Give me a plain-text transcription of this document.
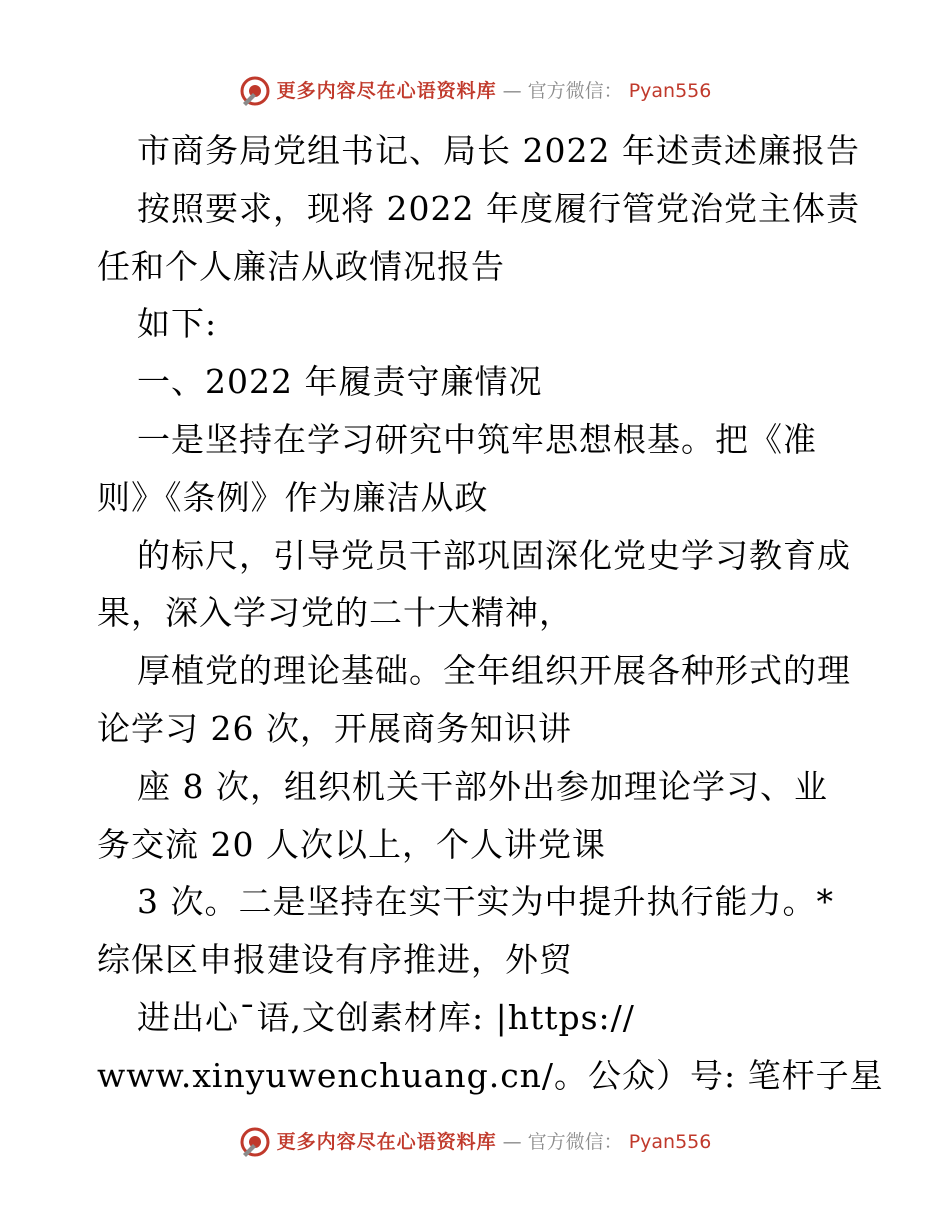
更多内容尽在心语资料库 — 官方微信： Pyan556
市商务局党组书记、局长 2022 年述责述廉报告
按照要求，现将 2022 年度履行管党治党主体责
任和个人廉洁从政情况报告
如下:
一、2022 年履责守廉情况
一是坚持在学习研究中筑牢思想根基。把《准
则》《条例》作为廉洁从政
的标尺，引导党员干部巩固深化党史学习教育成
果，深入学习党的二十大精神，
厚植党的理论基础。全年组织开展各种形式的理
论学习 26 次，开展商务知识讲
座 8 次，组织机关干部外出参加理论学习、业
务交流 20 人次以上，个人讲党课
3 次。二是坚持在实干实为中提升执行能力。*
综保区申报建设有序推进，外贸
进出心¯语,文创素材库: |https://
www.xinyuwenchuang.cn/。公众）号: 笔杆子星
更多内容尽在心语资料库 — 官方微信： Pyan556
